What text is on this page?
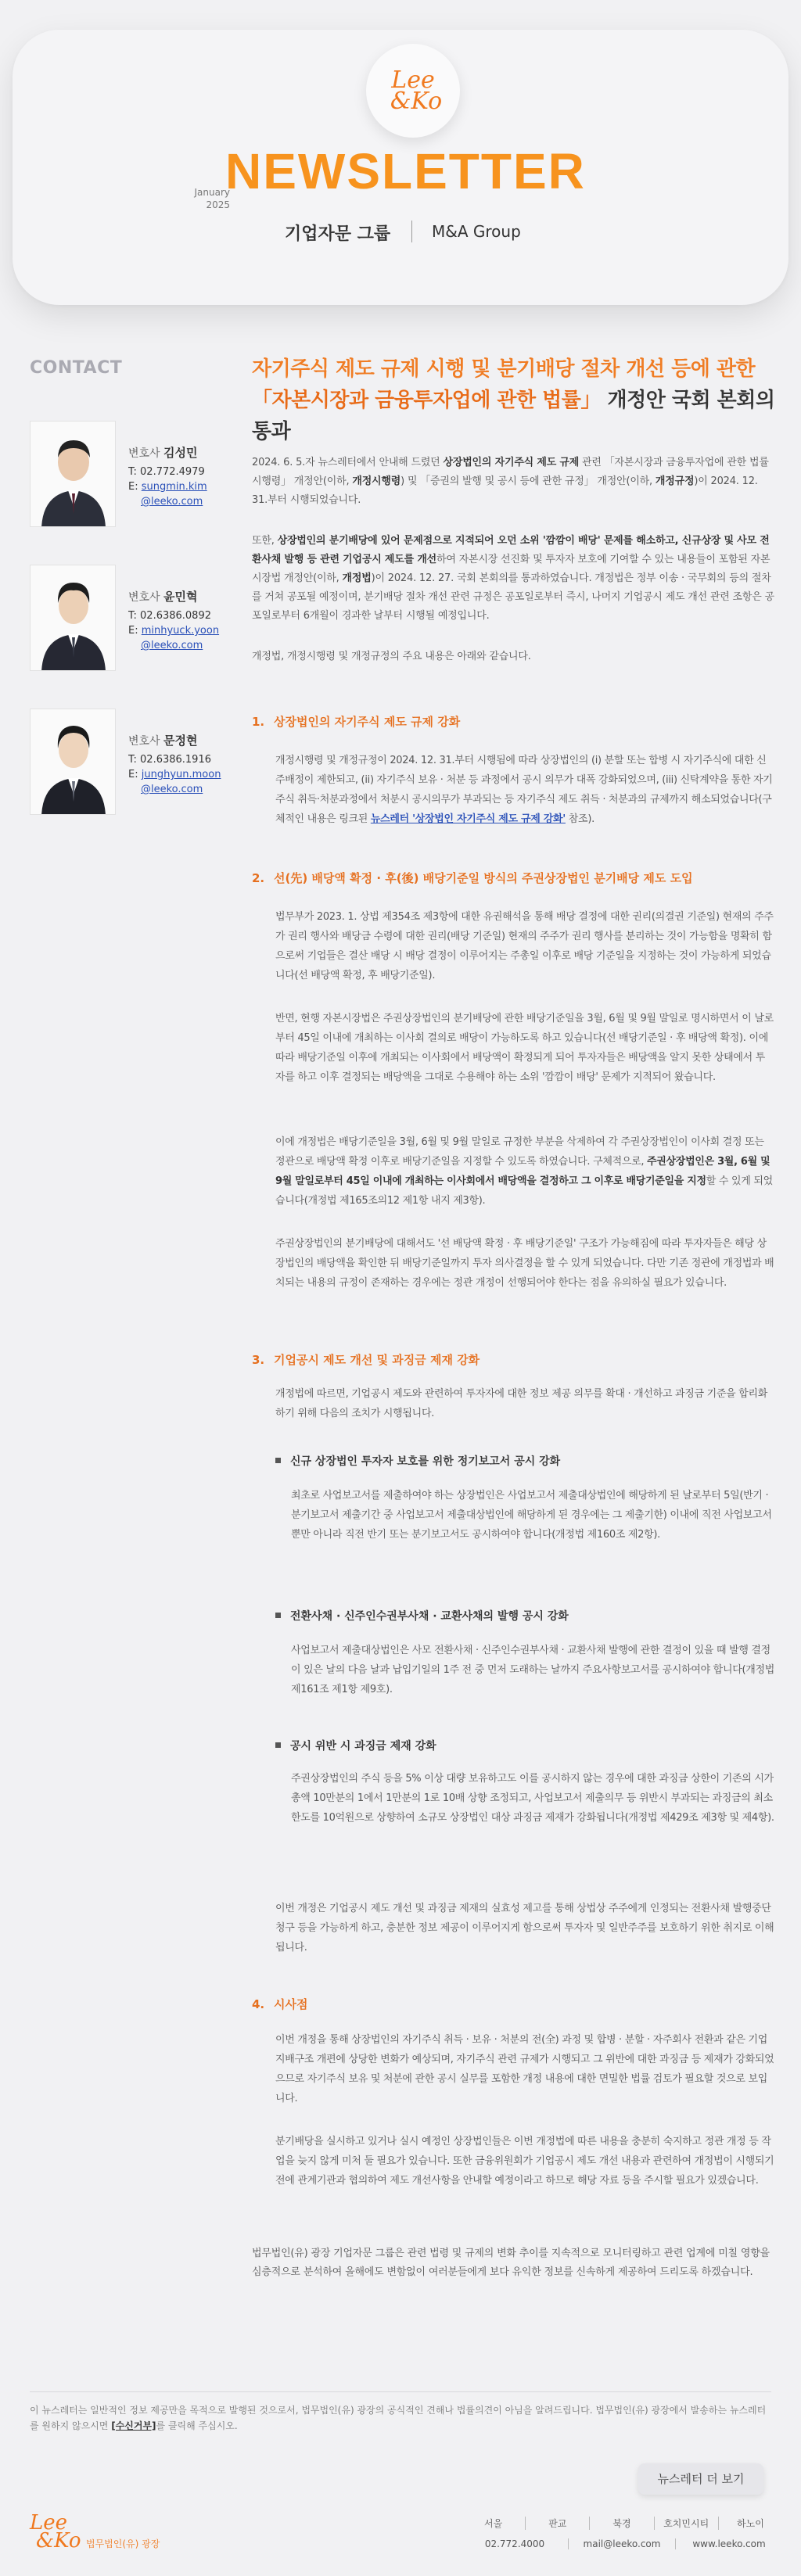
Lee
&Ko
January
2025
NEWSLETTER
기업자문 그룹	M&A Group
CONTACT
변호사 김성민
T: 02.772.4979
E: sungmin.kim
@leeko.com
변호사 윤민혁
T: 02.6386.0892
E: minhyuck.yoon
@leeko.com
변호사 문정현
T: 02.6386.1916
E: junghyun.moon
@leeko.com
자기주식 제도 규제 시행 및 분기배당 절차 개선 등에 관한
「자본시장과 금융투자업에 관한 법률」 개정안 국회 본회의 통과
2024. 6. 5.자 뉴스레터에서 안내해 드렸던 상장법인의 자기주식 제도 규제 관련 「자본시장과 금융투자업에 관한 법률 시행령」 개정안(이하, 개정시행령) 및 「증권의 발행 및 공시 등에 관한 규정」 개정안(이하, 개정규정)이 2024. 12. 31.부터 시행되었습니다.
또한, 상장법인의 분기배당에 있어 문제점으로 지적되어 오던 소위 '깜깜이 배당' 문제를 해소하고, 신규상장 및 사모 전환사채 발행 등 관련 기업공시 제도를 개선하여 자본시장 선진화 및 투자자 보호에 기여할 수 있는 내용들이 포함된 자본시장법 개정안(이하, 개정법)이 2024. 12. 27. 국회 본회의를 통과하였습니다. 개정법은 정부 이송 · 국무회의 등의 절차를 거쳐 공포될 예정이며, 분기배당 절차 개선 관련 규정은 공포일로부터 즉시, 나머지 기업공시 제도 개선 관련 조항은 공포일로부터 6개월이 경과한 날부터 시행될 예정입니다.
개정법, 개정시행령 및 개정규정의 주요 내용은 아래와 같습니다.
1. 상장법인의 자기주식 제도 규제 강화
개정시행령 및 개정규정이 2024. 12. 31.부터 시행됨에 따라 상장법인의 (i) 분할 또는 합병 시 자기주식에 대한 신주배정이 제한되고, (ii) 자기주식 보유 · 처분 등 과정에서 공시 의무가 대폭 강화되었으며, (iii) 신탁계약을 통한 자기주식 취득·처분과정에서 처분시 공시의무가 부과되는 등 자기주식 제도 취득 · 처분과의 규제까지 해소되었습니다(구체적인 내용은 링크된 뉴스레터 '상장법인 자기주식 제도 규제 강화' 참조).
2. 선(先) 배당액 확정 · 후(後) 배당기준일 방식의 주권상장법인 분기배당 제도 도입
법무부가 2023. 1. 상법 제354조 제3항에 대한 유권해석을 통해 배당 결정에 대한 권리(의결권 기준일) 현재의 주주가 권리 행사와 배당금 수령에 대한 권리(배당 기준일) 현재의 주주가 권리 행사를 분리하는 것이 가능함을 명확히 함으로써 기업들은 결산 배당 시 배당 결정이 이루어지는 주총일 이후로 배당 기준일을 지정하는 것이 가능하게 되었습니다(선 배당액 확정, 후 배당기준일).
반면, 현행 자본시장법은 주권상장법인의 분기배당에 관한 배당기준일을 3월, 6월 및 9월 말일로 명시하면서 이 날로부터 45일 이내에 개최하는 이사회 결의로 배당이 가능하도록 하고 있습니다(선 배당기준일 · 후 배당액 확정). 이에 따라 배당기준일 이후에 개최되는 이사회에서 배당액이 확정되게 되어 투자자들은 배당액을 알지 못한 상태에서 투자를 하고 이후 결정되는 배당액을 그대로 수용해야 하는 소위 '깜깜이 배당' 문제가 지적되어 왔습니다.
이에 개정법은 배당기준일을 3월, 6월 및 9월 말일로 규정한 부분을 삭제하여 각 주권상장법인이 이사회 결정 또는 정관으로 배당액 확정 이후로 배당기준일을 지정할 수 있도록 하였습니다. 구체적으로, 주권상장법인은 3월, 6월 및 9월 말일로부터 45일 이내에 개최하는 이사회에서 배당액을 결정하고 그 이후로 배당기준일을 지정할 수 있게 되었습니다(개정법 제165조의12 제1항 내지 제3항).
주권상장법인의 분기배당에 대해서도 '선 배당액 확정 · 후 배당기준일' 구조가 가능해짐에 따라 투자자들은 해당 상장법인의 배당액을 확인한 뒤 배당기준일까지 투자 의사결정을 할 수 있게 되었습니다. 다만 기존 정관에 개정법과 배치되는 내용의 규정이 존재하는 경우에는 정관 개정이 선행되어야 한다는 점을 유의하실 필요가 있습니다.
3. 기업공시 제도 개선 및 과징금 제재 강화
개정법에 따르면, 기업공시 제도와 관련하여 투자자에 대한 정보 제공 의무를 확대 · 개선하고 과징금 기준을 합리화하기 위해 다음의 조치가 시행됩니다.
신규 상장법인 투자자 보호를 위한 정기보고서 공시 강화
최초로 사업보고서를 제출하여야 하는 상장법인은 사업보고서 제출대상법인에 해당하게 된 날로부터 5일(반기 · 분기보고서 제출기간 중 사업보고서 제출대상법인에 해당하게 된 경우에는 그 제출기한) 이내에 직전 사업보고서 뿐만 아니라 직전 반기 또는 분기보고서도 공시하여야 합니다(개정법 제160조 제2항).
전환사채 · 신주인수권부사채 · 교환사채의 발행 공시 강화
사업보고서 제출대상법인은 사모 전환사채 · 신주인수권부사채 · 교환사채 발행에 관한 결정이 있을 때 발행 결정이 있은 날의 다음 날과 납입기일의 1주 전 중 먼저 도래하는 날까지 주요사항보고서를 공시하여야 합니다(개정법 제161조 제1항 제9호).
공시 위반 시 과징금 제재 강화
주권상장법인의 주식 등을 5% 이상 대량 보유하고도 이를 공시하지 않는 경우에 대한 과징금 상한이 기존의 시가총액 10만분의 1에서 1만분의 1로 10배 상향 조정되고, 사업보고서 제출의무 등 위반시 부과되는 과징금의 최소 한도를 10억원으로 상향하여 소규모 상장법인 대상 과징금 제재가 강화됩니다(개정법 제429조 제3항 및 제4항).
이번 개정은 기업공시 제도 개선 및 과징금 제재의 실효성 제고를 통해 상법상 주주에게 인정되는 전환사채 발행중단 청구 등을 가능하게 하고, 충분한 정보 제공이 이루어지게 함으로써 투자자 및 일반주주를 보호하기 위한 취지로 이해됩니다.
4. 시사점
이번 개정을 통해 상장법인의 자기주식 취득 · 보유 · 처분의 전(全) 과정 및 합병 · 분할 · 자주회사 전환과 같은 기업지배구조 개편에 상당한 변화가 예상되며, 자기주식 관련 규제가 시행되고 그 위반에 대한 과징금 등 제재가 강화되었으므로 자기주식 보유 및 처분에 관한 공시 실무를 포함한 개정 내용에 대한 면밀한 법률 검토가 필요할 것으로 보입니다.
분기배당을 실시하고 있거나 실시 예정인 상장법인들은 이번 개정법에 따른 내용을 충분히 숙지하고 정관 개정 등 작업을 늦지 않게 미처 둘 필요가 있습니다. 또한 금융위원회가 기업공시 제도 개선 내용과 관련하여 개정법이 시행되기 전에 관계기관과 협의하여 제도 개선사항을 안내할 예정이라고 하므로 해당 자료 등을 주시할 필요가 있겠습니다.
법무법인(유) 광장 기업자문 그룹은 관련 법령 및 규제의 변화 추이를 지속적으로 모니터링하고 관련 업계에 미칠 영향을 심층적으로 분석하여 올해에도 변함없이 여러분들에게 보다 유익한 정보를 신속하게 제공하여 드리도록 하겠습니다.
이 뉴스레터는 일반적인 정보 제공만을 목적으로 발행된 것으로서, 법무법인(유) 광장의 공식적인 견해나 법률의견이 아님을 알려드립니다. 법무법인(유) 광장에서 발송하는 뉴스레터를 원하지 않으시면 [수신거부]를 클릭해 주십시오.
뉴스레터 더 보기
Lee
&Ko 법무법인(유) 광장
서울	판교	북경	호치민시티	하노이
02.772.4000	mail@leeko.com	www.leeko.com
